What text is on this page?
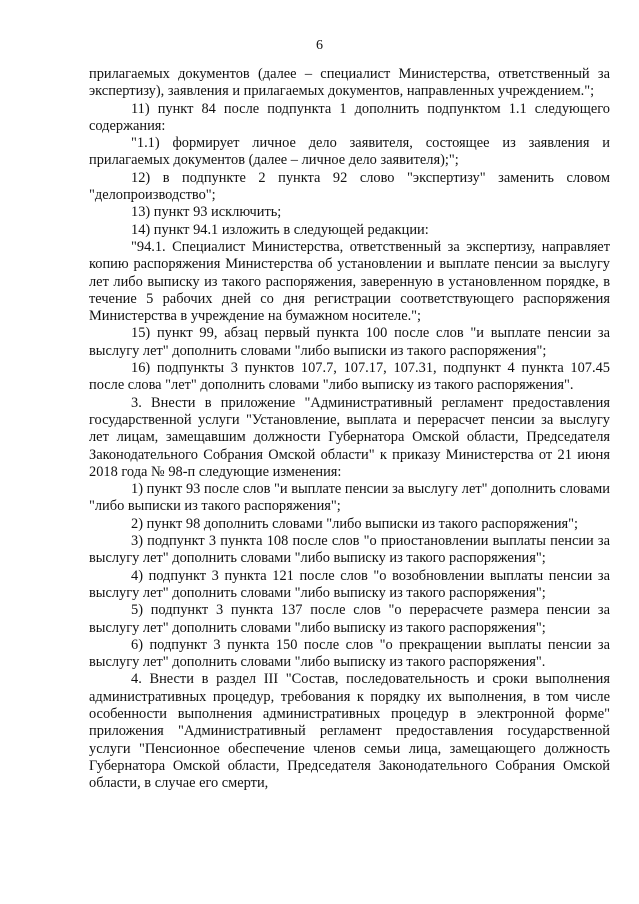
6

прилагаемых документов (далее – специалист Министерства, ответственный за экспертизу), заявления и прилагаемых документов, направленных учреждением.";

11) пункт 84 после подпункта 1 дополнить подпунктом 1.1 следующего содержания:

"1.1) формирует личное дело заявителя, состоящее из заявления и прилагаемых документов (далее – личное дело заявителя);";

12) в подпункте 2 пункта 92 слово "экспертизу" заменить словом "делопроизводство";

13) пункт 93 исключить;

14) пункт 94.1 изложить в следующей редакции:

"94.1. Специалист Министерства, ответственный за экспертизу, направляет копию распоряжения Министерства об установлении и выплате пенсии за выслугу лет либо выписку из такого распоряжения, заверенную в установленном порядке, в течение 5 рабочих дней со дня регистрации соответствующего распоряжения Министерства в учреждение на бумажном носителе.";

15) пункт 99, абзац первый пункта 100 после слов "и выплате пенсии за выслугу лет" дополнить словами "либо выписки из такого распоряжения";

16) подпункты 3 пунктов 107.7, 107.17, 107.31, подпункт 4 пункта 107.45 после слова "лет" дополнить словами "либо выписку из такого распоряжения".

3. Внести в приложение "Административный регламент предоставления государственной услуги "Установление, выплата и перерасчет пенсии за выслугу лет лицам, замещавшим должности Губернатора Омской области, Председателя Законодательного Собрания Омской области" к приказу Министерства от 21 июня 2018 года № 98-п следующие изменения:

1) пункт 93 после слов "и выплате пенсии за выслугу лет" дополнить словами "либо выписки из такого распоряжения";

2) пункт 98 дополнить словами "либо выписки из такого распоряжения";

3) подпункт 3 пункта 108 после слов "о приостановлении выплаты пенсии за выслугу лет" дополнить словами "либо выписку из такого распоряжения";

4) подпункт 3 пункта 121 после слов "о возобновлении выплаты пенсии за выслугу лет" дополнить словами "либо выписку из такого распоряжения";

5) подпункт 3 пункта 137 после слов "о перерасчете размера пенсии за выслугу лет" дополнить словами "либо выписку из такого распоряжения";

6) подпункт 3 пункта 150 после слов "о прекращении выплаты пенсии за выслугу лет" дополнить словами "либо выписку из такого распоряжения".

4. Внести в раздел III "Состав, последовательность и сроки выполнения административных процедур, требования к порядку их выполнения, в том числе особенности выполнения административных процедур в электронной форме" приложения "Административный регламент предоставления государственной услуги "Пенсионное обеспечение членов семьи лица, замещающего должность Губернатора Омской области, Председателя Законодательного Собрания Омской области, в случае его смерти,
